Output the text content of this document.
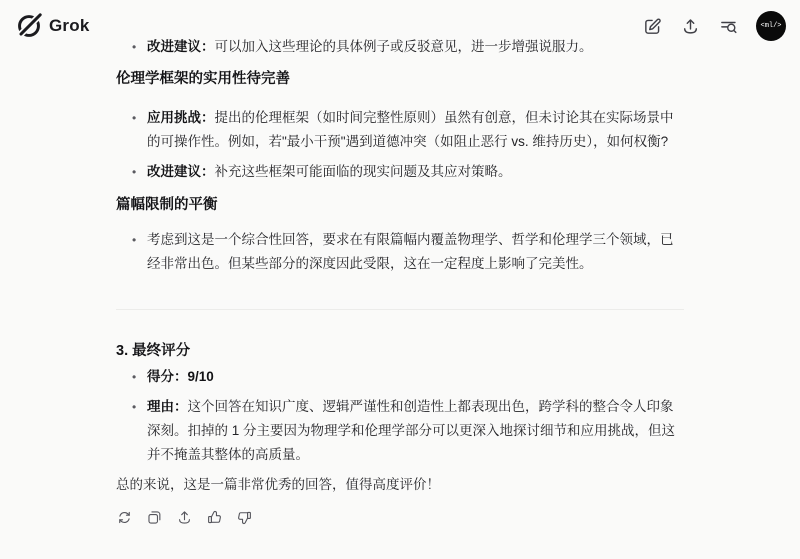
Grok	<ml/>
• 改进建议：可以加入这些理论的具体例子或反驳意见，进一步增强说服力。
伦理学框架的实用性待完善
• 应用挑战：提出的伦理框架（如时间完整性原则）虽然有创意，但未讨论其在实际场景中的可操作性。例如，若"最小干预"遇到道德冲突（如阻止恶行 vs. 维持历史），如何权衡?
• 改进建议：补充这些框架可能面临的现实问题及其应对策略。
篇幅限制的平衡
• 考虑到这是一个综合性回答，要求在有限篇幅内覆盖物理学、哲学和伦理学三个领域，已经非常出色。但某些部分的深度因此受限，这在一定程度上影响了完美性。
3. 最终评分
• 得分：9/10
• 理由：这个回答在知识广度、逻辑严谨性和创造性上都表现出色，跨学科的整合令人印象深刻。扣掉的 1 分主要因为物理学和伦理学部分可以更深入地探讨细节和应用挑战，但这并不掩盖其整体的高质量。

总的来说，这是一篇非常优秀的回答，值得高度评价！
